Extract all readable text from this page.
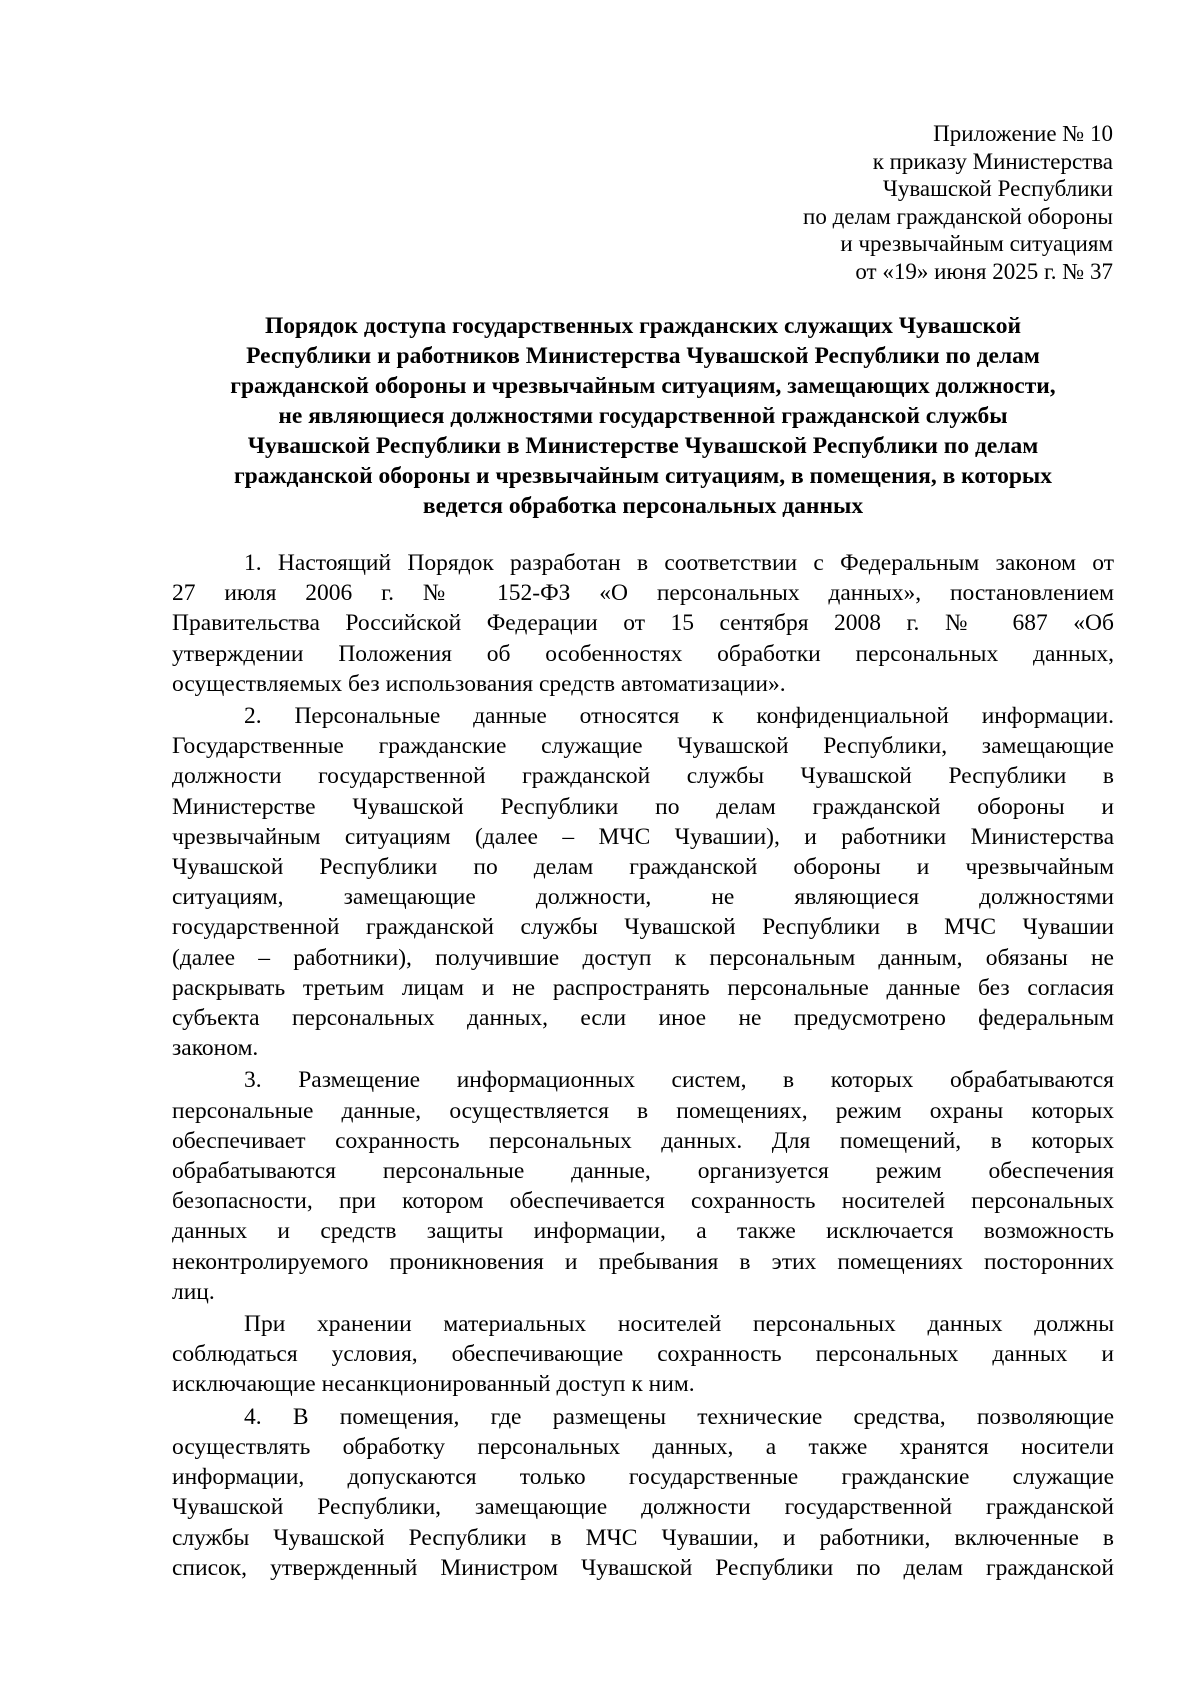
Приложение № 10
к приказу Министерства
Чувашской Республики
по делам гражданской обороны
и чрезвычайным ситуациям
от «19» июня 2025 г. № 37
Порядок доступа государственных гражданских служащих Чувашской
Республики и работников Министерства Чувашской Республики по делам
гражданской обороны и чрезвычайным ситуациям, замещающих должности,
не являющиеся должностями государственной гражданской службы
Чувашской Республики в Министерстве Чувашской Республики по делам
гражданской обороны и чрезвычайным ситуациям, в помещения, в которых
ведется обработка персональных данных
1. Настоящий Порядок разработан в соответствии с Федеральным законом от
27 июля 2006 г. № 152-ФЗ «О персональных данных», постановлением
Правительства Российской Федерации от 15 сентября 2008 г. № 687 «Об
утверждении Положения об особенностях обработки персональных данных,
осуществляемых без использования средств автоматизации».
2. Персональные данные относятся к конфиденциальной информации.
Государственные гражданские служащие Чувашской Республики, замещающие
должности государственной гражданской службы Чувашской Республики в
Министерстве Чувашской Республики по делам гражданской обороны и
чрезвычайным ситуациям (далее – МЧС Чувашии), и работники Министерства
Чувашской Республики по делам гражданской обороны и чрезвычайным
ситуациям, замещающие должности, не являющиеся должностями
государственной гражданской службы Чувашской Республики в МЧС Чувашии
(далее – работники), получившие доступ к персональным данным, обязаны не
раскрывать третьим лицам и не распространять персональные данные без согласия
субъекта персональных данных, если иное не предусмотрено федеральным
законом.
3. Размещение информационных систем, в которых обрабатываются
персональные данные, осуществляется в помещениях, режим охраны которых
обеспечивает сохранность персональных данных. Для помещений, в которых
обрабатываются персональные данные, организуется режим обеспечения
безопасности, при котором обеспечивается сохранность носителей персональных
данных и средств защиты информации, а также исключается возможность
неконтролируемого проникновения и пребывания в этих помещениях посторонних
лиц.
При хранении материальных носителей персональных данных должны
соблюдаться условия, обеспечивающие сохранность персональных данных и
исключающие несанкционированный доступ к ним.
4. В помещения, где размещены технические средства, позволяющие
осуществлять обработку персональных данных, а также хранятся носители
информации, допускаются только государственные гражданские служащие
Чувашской Республики, замещающие должности государственной гражданской
службы Чувашской Республики в МЧС Чувашии, и работники, включенные в
список, утвержденный Министром Чувашской Республики по делам гражданской
